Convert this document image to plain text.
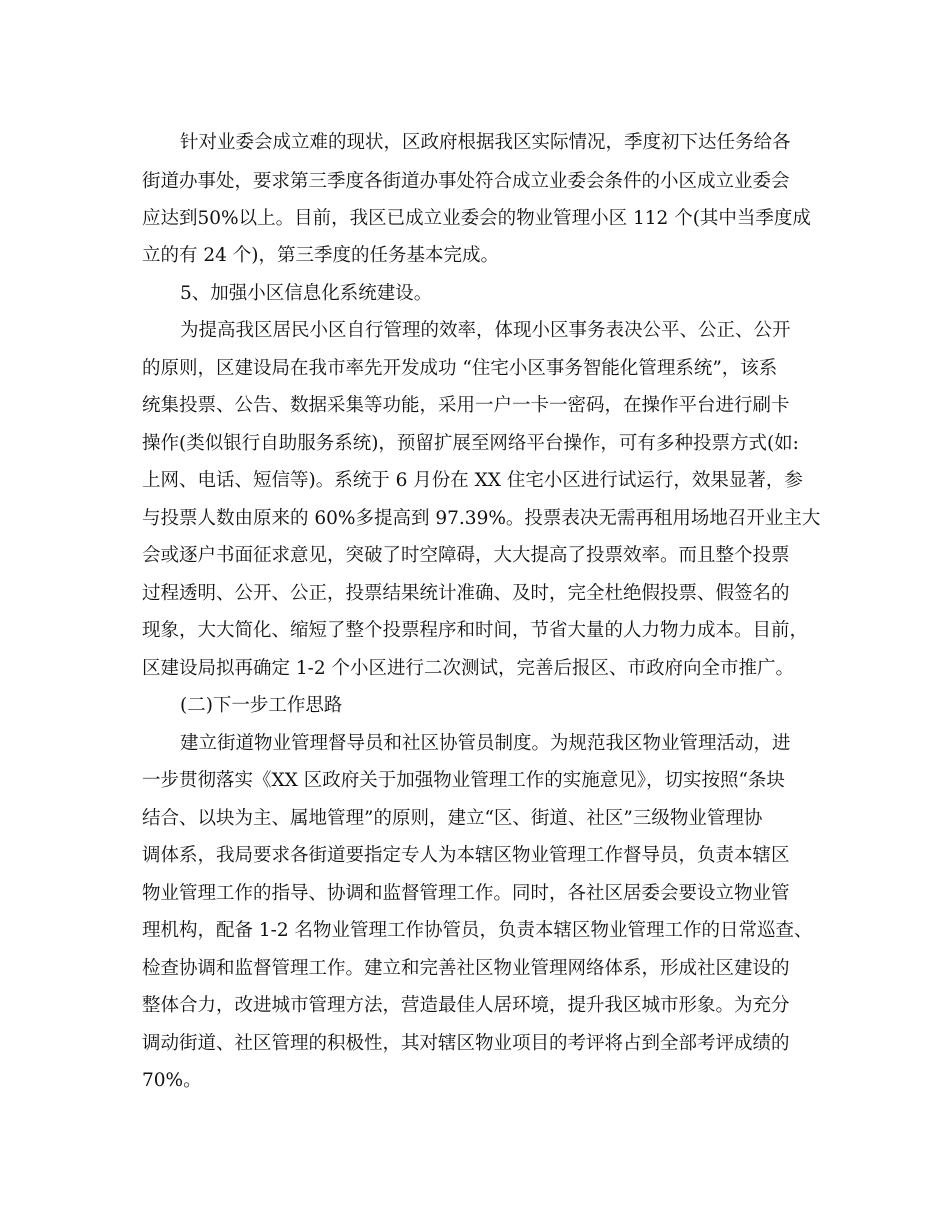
针对业委会成立难的现状，区政府根据我区实际情况，季度初下达任务给各

街道办事处，要求第三季度各街道办事处符合成立业委会条件的小区成立业委会

应达到50%以上。目前，我区已成立业委会的物业管理小区 112 个(其中当季度成

立的有 24 个)，第三季度的任务基本完成。

5、加强小区信息化系统建设。

为提高我区居民小区自行管理的效率，体现小区事务表决公平、公正、公开

的原则，区建设局在我市率先开发成功 “住宅小区事务智能化管理系统”，该系

统集投票、公告、数据采集等功能，采用一户一卡一密码，在操作平台进行刷卡

操作(类似银行自助服务系统)，预留扩展至网络平台操作，可有多种投票方式(如:

上网、电话、短信等)。系统于 6 月份在 XX 住宅小区进行试运行，效果显著，参

与投票人数由原来的 60%多提高到 97.39%。投票表决无需再租用场地召开业主大

会或逐户书面征求意见，突破了时空障碍，大大提高了投票效率。而且整个投票

过程透明、公开、公正，投票结果统计准确、及时，完全杜绝假投票、假签名的

现象，大大简化、缩短了整个投票程序和时间，节省大量的人力物力成本。目前，

区建设局拟再确定 1-2 个小区进行二次测试，完善后报区、市政府向全市推广。

(二)下一步工作思路

建立街道物业管理督导员和社区协管员制度。为规范我区物业管理活动，进

一步贯彻落实《XX 区政府关于加强物业管理工作的实施意见》，切实按照“条块

结合、以块为主、属地管理”的原则，建立“区、街道、社区”三级物业管理协

调体系，我局要求各街道要指定专人为本辖区物业管理工作督导员，负责本辖区

物业管理工作的指导、协调和监督管理工作。同时，各社区居委会要设立物业管

理机构，配备 1-2 名物业管理工作协管员，负责本辖区物业管理工作的日常巡查、

检查协调和监督管理工作。建立和完善社区物业管理网络体系，形成社区建设的

整体合力，改进城市管理方法，营造最佳人居环境，提升我区城市形象。为充分

调动街道、社区管理的积极性，其对辖区物业项目的考评将占到全部考评成绩的

70%。
